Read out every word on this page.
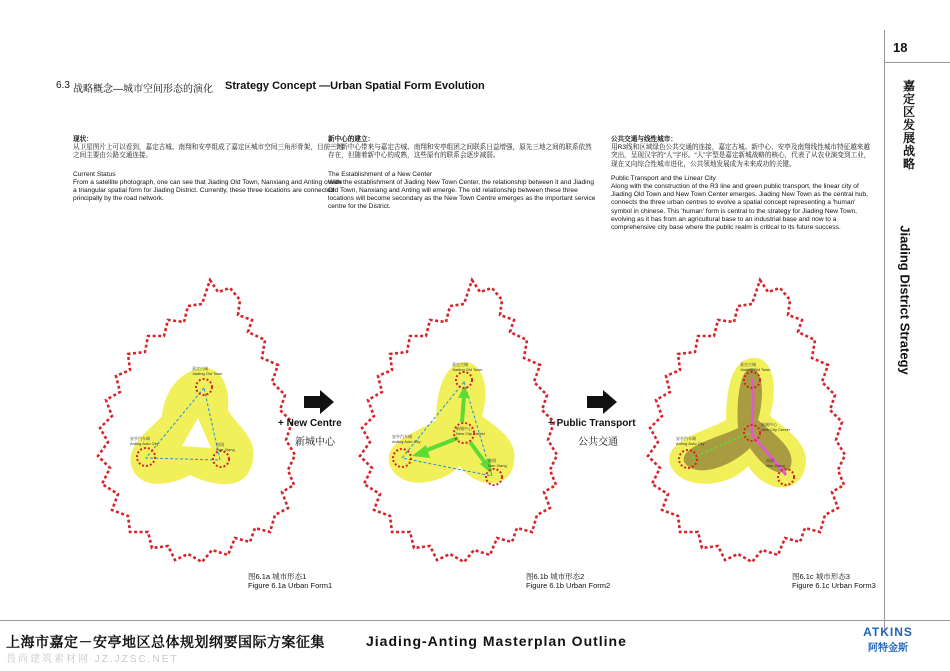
18
嘉定区发展战略
Jiading District Strategy
6.3 战略概念—城市空间形态的演化 Strategy Concept —Urban Spatial Form Evolution
现状：
从卫星图片上可以看到，嘉定古城、南翔和安亭组成了嘉定区城市空间三角形骨架，目前三地之间主要由公路交通连接。
Current Status
From a satellite photograph, one can see that Jiading Old Town, Nanxiang and Anting create a triangular spatial form for Jiading District. Currently, these three locations are connected principally by the road network.
新中心的建立：
一个新中心带来与嘉定古城、南翔和安亭组团之间联系日益增强，原先三地之间的联系依然存在，但随着新中心的成熟，这些原有的联系会逐步减弱。
The Establishment of a New Center
With the establishment of Jiading New Town Center, the relationship between it and Jiading Old Town, Nanxiang and Anting will emerge. The old relationship between these three locations will become secondary as the New Town Centre emerges as the important service centre for the District.
公共交通与线性城市：
用R3线和区域绿色公共交通的连接，嘉定古城、新中心、安亭及南翔线性城市特征越来越突出，呈现汉字的“人”字形。“人”字型是嘉定新城战略的核心，代表了从农业演变到工业，现在又向综合性城市进化，公共领地发展成为未来成功的关键。
Public Transport and the Linear City
Along with the construction of the R3 line and green public transport, the linear city of Jiading Old Town and New Town Center emerges. Jiading New Town as the central hub, connects the three urban centres to evolve a spatial concept representing a 'human' symbol in chinese. This 'human' form is central to the strategy for Jiading New Town, evolving as it has from an agricultural base to an industrial base and now to a comprehensive city base where the public realm is critical to its future success.
嘉定古城
Jiading Old Town
安亭汽车城
Anting Auto City	南翔
Nan Xiang
+ New Centre
新城中心
嘉定古城
Jiading Old Town
新城中心
New City Center
安亭汽车城
Anting Auto City
南翔
Nan Xiang
+ Public Transport
公共交通
嘉定古城
Jiading Old Town
新城中心
New City Center
安亭汽车城
Anting Auto City
南翔
Nan Xiang
图6.1a 城市形态1
Figure 6.1a Urban Form1
图6.1b 城市形态2
Figure 6.1b Urban Form2
图6.1c 城市形态3
Figure 6.1c Urban Form3
上海市嘉定－安亭地区总体规划纲要国际方案征集	Jiading-Anting Masterplan Outline
ATKINS
阿特金斯
畏尚建筑素材网 JZ.JZSC.NET
